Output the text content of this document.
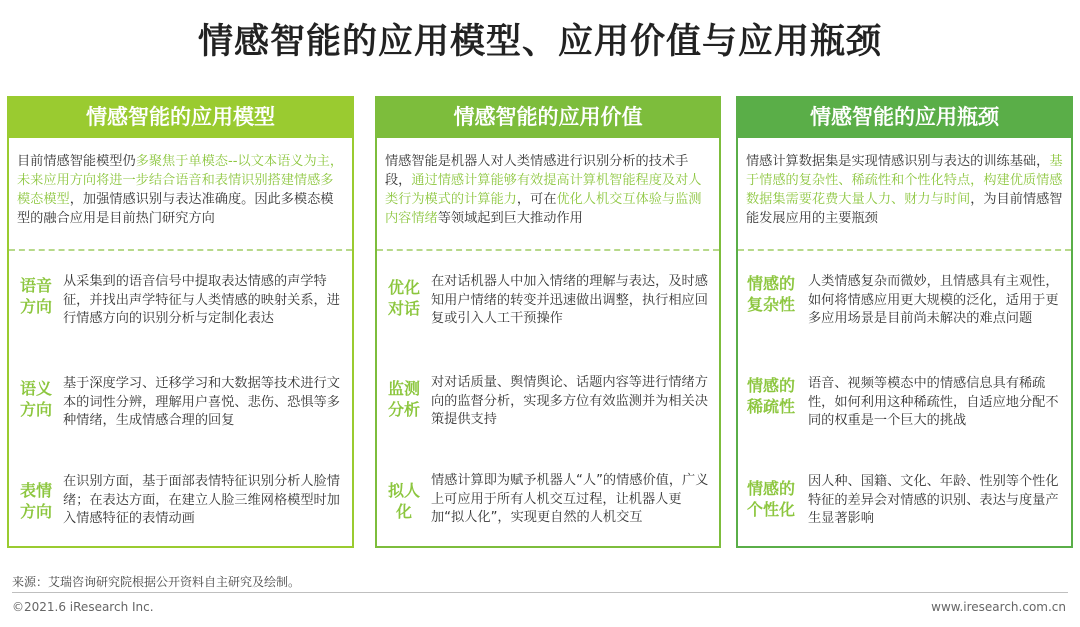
情感智能的应用模型、应用价值与应用瓶颈
情感智能的应用模型
目前情感智能模型仍多聚焦于单模态--以文本语义为主，未来应用方向将进一步结合语音和表情识别搭建情感多模态模型，加强情感识别与表达准确度。因此多模态模型的融合应用是目前热门研究方向
语音方向
从采集到的语音信号中提取表达情感的声学特征，并找出声学特征与人类情感的映射关系，进行情感方向的识别分析与定制化表达
语义方向
基于深度学习、迁移学习和大数据等技术进行文本的词性分辨，理解用户喜悦、悲伤、恐惧等多种情绪，生成情感合理的回复
表情方向
在识别方面，基于面部表情特征识别分析人脸情绪；在表达方面，在建立人脸三维网格模型时加入情感特征的表情动画
情感智能的应用价值
情感智能是机器人对人类情感进行识别分析的技术手段，通过情感计算能够有效提高计算机智能程度及对人类行为模式的计算能力，可在优化人机交互体验与监测内容情绪等领域起到巨大推动作用
优化对话
在对话机器人中加入情绪的理解与表达，及时感知用户情绪的转变并迅速做出调整，执行相应回复或引入人工干预操作
监测分析
对对话质量、舆情舆论、话题内容等进行情绪方向的监督分析，实现多方位有效监测并为相关决策提供支持
拟人化
情感计算即为赋予机器人“人”的情感价值，广义上可应用于所有人机交互过程，让机器人更加“拟人化”，实现更自然的人机交互
情感智能的应用瓶颈
情感计算数据集是实现情感识别与表达的训练基础，基于情感的复杂性、稀疏性和个性化特点，构建优质情感数据集需要花费大量人力、财力与时间，为目前情感智能发展应用的主要瓶颈
情感的复杂性
人类情感复杂而微妙，且情感具有主观性，如何将情感应用更大规模的泛化，适用于更多应用场景是目前尚未解决的难点问题
情感的稀疏性
语音、视频等模态中的情感信息具有稀疏性，如何利用这种稀疏性，自适应地分配不同的权重是一个巨大的挑战
情感的个性化
因人种、国籍、文化、年龄、性别等个性化特征的差异会对情感的识别、表达与度量产生显著影响
来源：艾瑞咨询研究院根据公开资料自主研究及绘制。
©2021.6 iResearch Inc.	www.iresearch.com.cn
